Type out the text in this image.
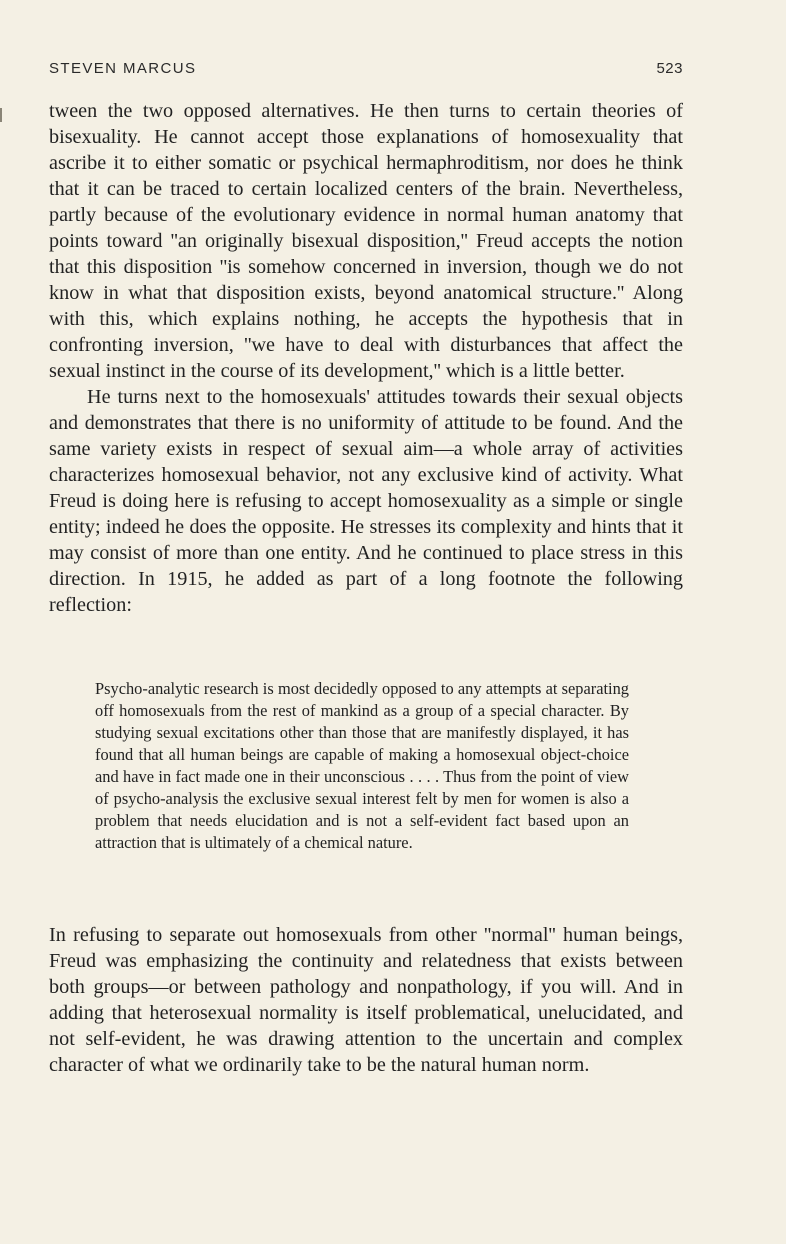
STEVEN MARCUS	523

tween the two opposed alternatives. He then turns to certain theories of bisexuality. He cannot accept those explanations of homosexuality that ascribe it to either somatic or psychical hermaphroditism, nor does he think that it can be traced to certain localized centers of the brain. Nevertheless, partly because of the evolutionary evidence in normal human anatomy that points toward ''an originally bisexual disposition,'' Freud accepts the notion that this disposition ''is somehow concerned in inversion, though we do not know in what that disposition exists, beyond anatomical structure.'' Along with this, which explains nothing, he accepts the hypothesis that in confronting inversion, ''we have to deal with disturbances that affect the sexual instinct in the course of its development,'' which is a little better.

He turns next to the homosexuals' attitudes towards their sexual objects and demonstrates that there is no uniformity of attitude to be found. And the same variety exists in respect of sexual aim—a whole array of activities characterizes homosexual behavior, not any exclusive kind of activity. What Freud is doing here is refusing to accept homosexuality as a simple or single entity; indeed he does the opposite. He stresses its complexity and hints that it may consist of more than one entity. And he continued to place stress in this direction. In 1915, he added as part of a long footnote the following reflection:

Psycho-analytic research is most decidedly opposed to any attempts at separating off homosexuals from the rest of mankind as a group of a special character. By studying sexual excitations other than those that are manifestly displayed, it has found that all human beings are capable of making a homosexual object-choice and have in fact made one in their unconscious . . . . Thus from the point of view of psycho-analysis the exclusive sexual interest felt by men for women is also a problem that needs elucidation and is not a self-evident fact based upon an attraction that is ultimately of a chemical nature.

In refusing to separate out homosexuals from other ''normal'' human beings, Freud was emphasizing the continuity and relatedness that exists between both groups—or between pathology and nonpathology, if you will. And in adding that heterosexual normality is itself problematical, unelucidated, and not self-evident, he was drawing attention to the uncertain and complex character of what we ordinarily take to be the natural human norm.
